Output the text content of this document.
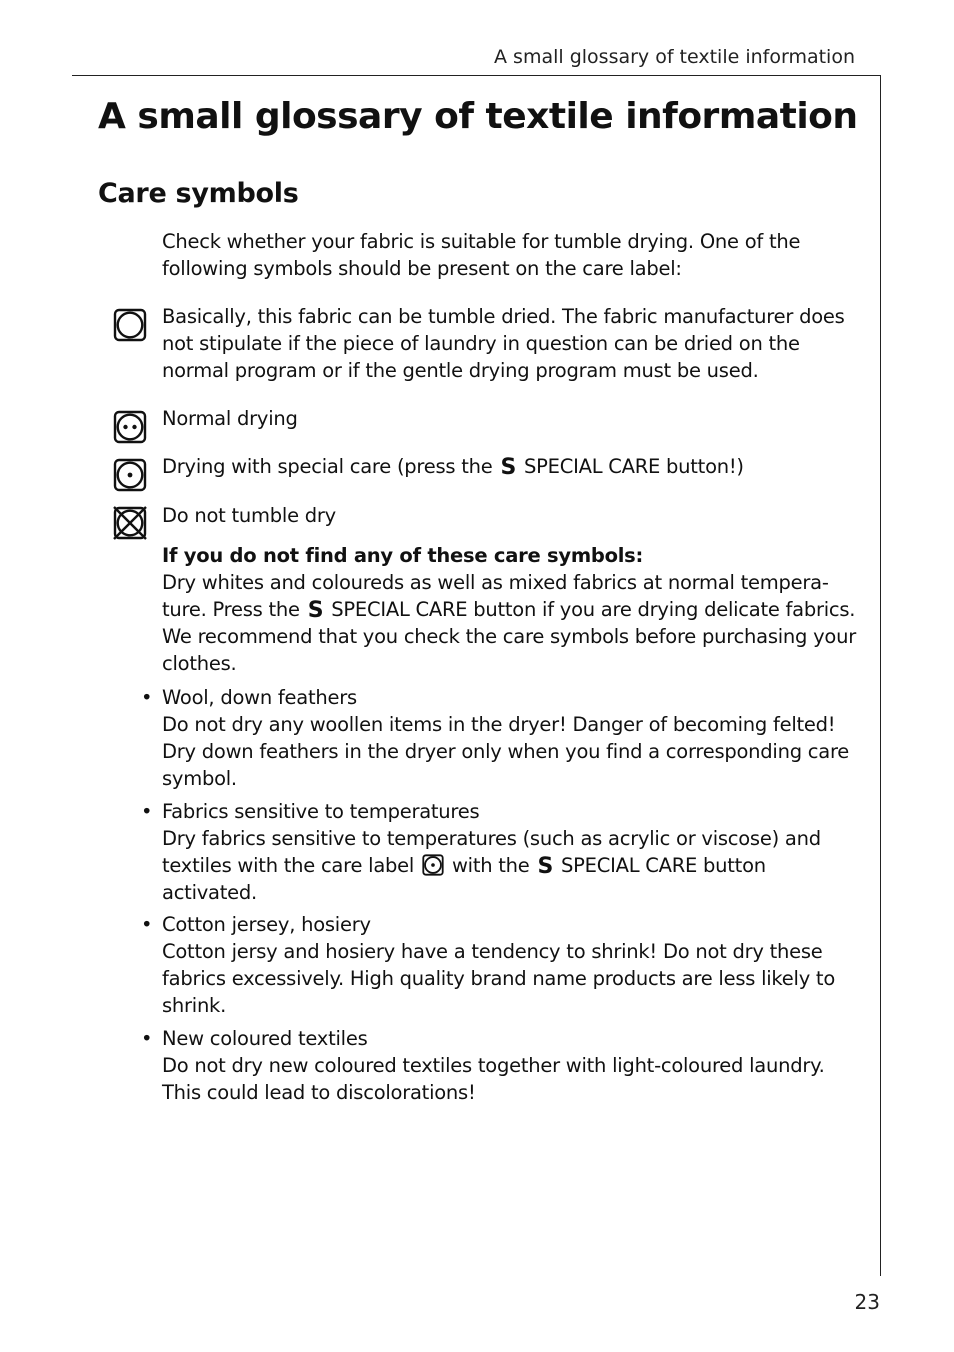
A small glossary of textile information
23
A small glossary of textile information
Care symbols

Check whether your fabric is suitable for tumble drying. One of the following symbols should be present on the care label:

Basically, this fabric can be tumble dried. The fabric manufacturer does not stipulate if the piece of laundry in question can be dried on the normal program or if the gentle drying program must be used.

Normal drying

Drying with special care (press the S SPECIAL CARE button!)

Do not tumble dry

If you do not find any of these care symbols:

Dry whites and coloureds as well as mixed fabrics at normal tempera-ture. Press the S SPECIAL CARE button if you are drying delicate fabrics. We recommend that you check the care symbols before purchasing your clothes.

• Wool, down feathers

Do not dry any woollen items in the dryer! Danger of becoming felted! Dry down feathers in the dryer only when you find a corresponding care symbol.

• Fabrics sensitive to temperatures

Dry fabrics sensitive to temperatures (such as acrylic or viscose) and textiles with the care label  with the S SPECIAL CARE button activated.

• Cotton jersey, hosiery

Cotton jersy and hosiery have a tendency to shrink! Do not dry these fabrics excessively. High quality brand name products are less likely to shrink.

• New coloured textiles

Do not dry new coloured textiles together with light-coloured laundry. This could lead to discolorations!
